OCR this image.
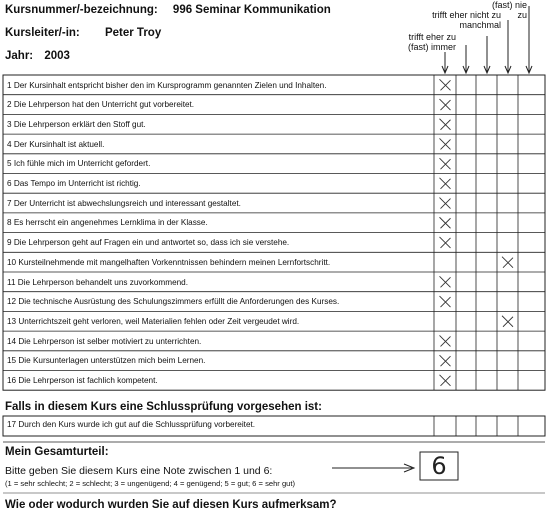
Kursnummer/-bezeichnung: 996 Seminar Kommunikation
Kursleiter/-in: Peter Troy
Jahr: 2003
trifft eher zu
(fast) immer
trifft eher nicht zu
manchmal
(fast) nie
zu
1 Der Kursinhalt entspricht bisher den im Kursprogramm genannten Zielen und Inhalten.
2 Die Lehrperson hat den Unterricht gut vorbereitet.
3 Die Lehrperson erklärt den Stoff gut.
4 Der Kursinhalt ist aktuell.
5 Ich fühle mich im Unterricht gefordert.
6 Das Tempo im Unterricht ist richtig.
7 Der Unterricht ist abwechslungsreich und interessant gestaltet.
8 Es herrscht ein angenehmes Lernklima in der Klasse.
9 Die Lehrperson geht auf Fragen ein und antwortet so, dass ich sie verstehe.
10 Kursteilnehmende mit mangelhaften Vorkenntnissen behindern meinen Lernfortschritt.
11 Die Lehrperson behandelt uns zuvorkommend.
12 Die technische Ausrüstung des Schulungszimmers erfüllt die Anforderungen des Kurses.
13 Unterrichtszeit geht verloren, weil Materialien fehlen oder Zeit vergeudet wird.
14 Die Lehrperson ist selber motiviert zu unterrichten.
15 Die Kursunterlagen unterstützen mich beim Lernen.
16 Die Lehrperson ist fachlich kompetent.
Falls in diesem Kurs eine Schlussprüfung vorgesehen ist:
17 Durch den Kurs wurde ich gut auf die Schlussprüfung vorbereitet.
Mein Gesamturteil:
Bitte geben Sie diesem Kurs eine Note zwischen 1 und 6:
(1 = sehr schlecht; 2 = schlecht; 3 = ungenügend; 4 = genügend; 5 = gut; 6 = sehr gut)
6
Wie oder wodurch wurden Sie auf diesen Kurs aufmerksam?
